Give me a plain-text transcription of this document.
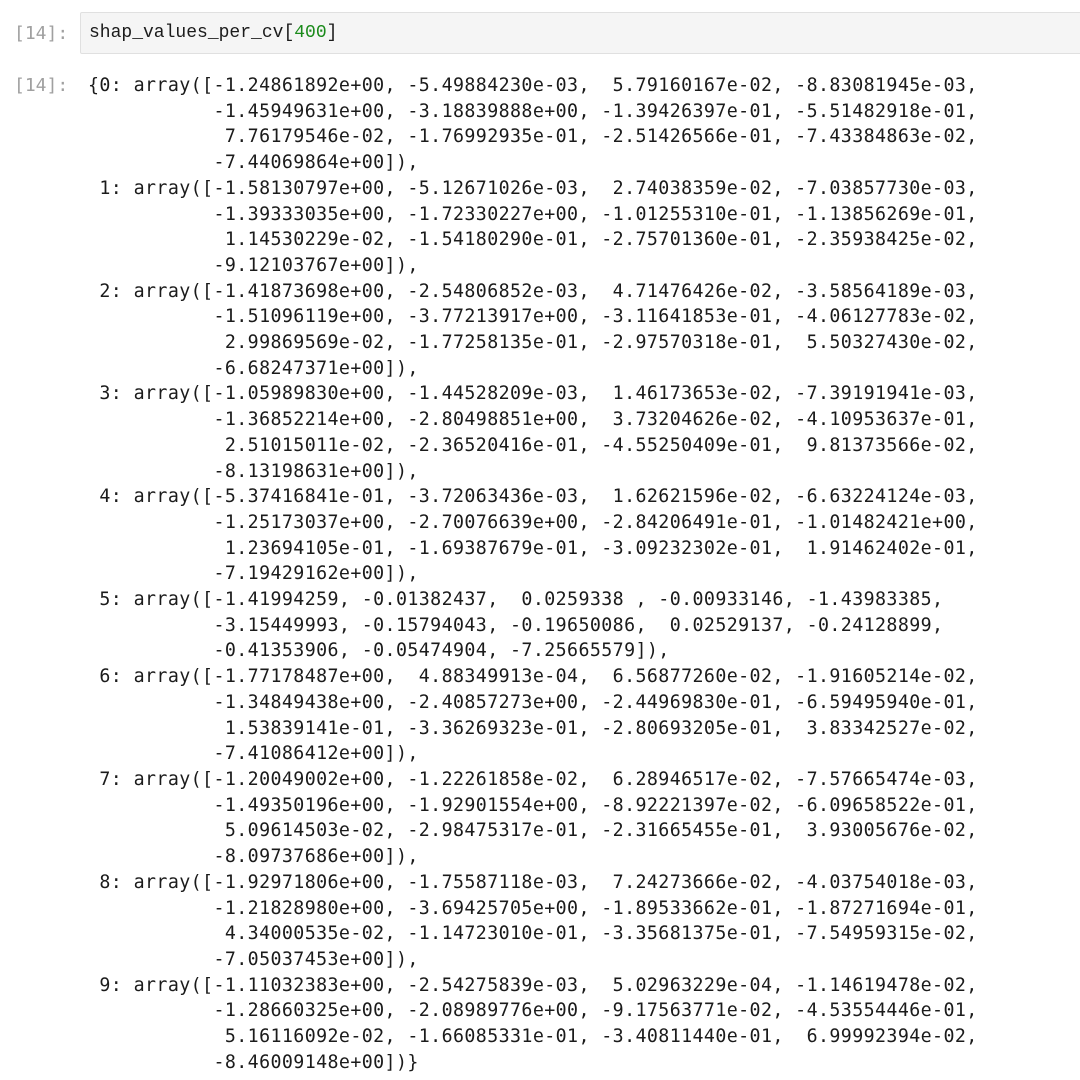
[14]: shap_values_per_cv[400]
[14]: {0: array([-1.24861892e+00, -5.49884230e-03,  5.79160167e-02, -8.83081945e-03,
-1.45949631e+00, -3.18839888e+00, -1.39426397e-01, -5.51482918e-01,
7.76179546e-02, -1.76992935e-01, -2.51426566e-01, -7.43384863e-02,
-7.44069864e+00]),
1: array([-1.58130797e+00, -5.12671026e-03,  2.74038359e-02, -7.03857730e-03,
-1.39333035e+00, -1.72330227e+00, -1.01255310e-01, -1.13856269e-01,
1.14530229e-02, -1.54180290e-01, -2.75701360e-01, -2.35938425e-02,
-9.12103767e+00]),
2: array([-1.41873698e+00, -2.54806852e-03,  4.71476426e-02, -3.58564189e-03,
-1.51096119e+00, -3.77213917e+00, -3.11641853e-01, -4.06127783e-02,
2.99869569e-02, -1.77258135e-01, -2.97570318e-01,  5.50327430e-02,
-6.68247371e+00]),
3: array([-1.05989830e+00, -1.44528209e-03,  1.46173653e-02, -7.39191941e-03,
-1.36852214e+00, -2.80498851e+00,  3.73204626e-02, -4.10953637e-01,
2.51015011e-02, -2.36520416e-01, -4.55250409e-01,  9.81373566e-02,
-8.13198631e+00]),
4: array([-5.37416841e-01, -3.72063436e-03,  1.62621596e-02, -6.63224124e-03,
-1.25173037e+00, -2.70076639e+00, -2.84206491e-01, -1.01482421e+00,
1.23694105e-01, -1.69387679e-01, -3.09232302e-01,  1.91462402e-01,
-7.19429162e+00]),
5: array([-1.41994259, -0.01382437,  0.0259338 , -0.00933146, -1.43983385,
-3.15449993, -0.15794043, -0.19650086,  0.02529137, -0.24128899,
-0.41353906, -0.05474904, -7.25665579]),
6: array([-1.77178487e+00,  4.88349913e-04,  6.56877260e-02, -1.91605214e-02,
-1.34849438e+00, -2.40857273e+00, -2.44969830e-01, -6.59495940e-01,
1.53839141e-01, -3.36269323e-01, -2.80693205e-01,  3.83342527e-02,
-7.41086412e+00]),
7: array([-1.20049002e+00, -1.22261858e-02,  6.28946517e-02, -7.57665474e-03,
-1.49350196e+00, -1.92901554e+00, -8.92221397e-02, -6.09658522e-01,
5.09614503e-02, -2.98475317e-01, -2.31665455e-01,  3.93005676e-02,
-8.09737686e+00]),
8: array([-1.92971806e+00, -1.75587118e-03,  7.24273666e-02, -4.03754018e-03,
-1.21828980e+00, -3.69425705e+00, -1.89533662e-01, -1.87271694e-01,
4.34000535e-02, -1.14723010e-01, -3.35681375e-01, -7.54959315e-02,
-7.05037453e+00]),
9: array([-1.11032383e+00, -2.54275839e-03,  5.02963229e-04, -1.14619478e-02,
-1.28660325e+00, -2.08989776e+00, -9.17563771e-02, -4.53554446e-01,
5.16116092e-02, -1.66085331e-01, -3.40811440e-01,  6.99992394e-02,
-8.46009148e+00])}
